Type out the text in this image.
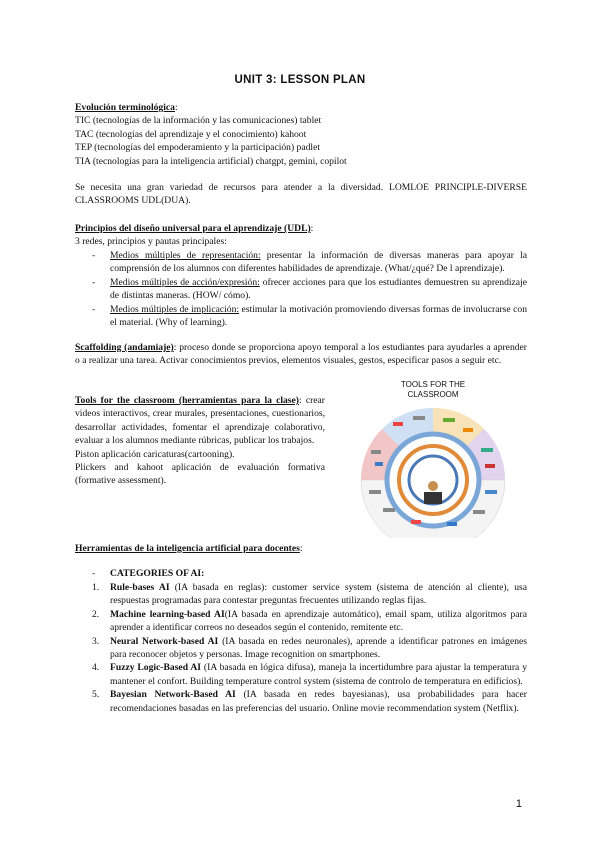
UNIT 3: LESSON PLAN
Evolución terminológica:
TIC (tecnologías de la información y las comunicaciones) tablet
TAC (tecnologías del aprendizaje y el conocimiento) kahoot
TEP (tecnologías del empoderamiento y la participación) padlet
TIA (tecnologías para la inteligencia artificial) chatgpt, gemini, copilot
Se necesita una gran variedad de recursos para atender a la diversidad. LOMLOE PRINCIPLE-DIVERSE CLASSROOMS UDL(DUA).
Principios del diseño universal para el aprendizaje (UDL):
3 redes, principios y pautas principales:
-	Medios múltiples de representación: presentar la información de diversas maneras para apoyar la comprensión de los alumnos con diferentes habilidades de aprendizaje. (What/¿qué? De l aprendizaje).
-	Medios múltiples de acción/expresión: ofrecer acciones para que los estudiantes demuestren su aprendizaje de distintas maneras. (HOW/ cómo).
-	Medios múltiples de implicación: estimular la motivación promoviendo diversas formas de involucrarse con el material. (Why of learning).
Scaffolding (andamiaje): proceso donde se proporciona apoyo temporal a los estudiantes para ayudarles a aprender o a realizar una tarea. Activar conocimientos previos, elementos visuales, gestos, especificar pasos a seguir etc.
Tools for the classroom (herramientas para la clase): crear videos interactivos, crear murales, presentaciones, cuestionarios, desarrollar actividades, fomentar el aprendizaje colaborativo, evaluar a los alumnos mediante rúbricas, publicar los trabajos.
Piston aplicación caricaturas(cartooning).
Plickers and kahoot aplicación de evaluación formativa (formative assessment).
TOOLS FOR THE
CLASSROOM
Herramientas de la inteligencia artificial para docentes:
-	CATEGORIES OF AI:
1.	Rule-bases AI (IA basada en reglas): customer service system (sistema de atención al cliente), usa respuestas programadas para contestar preguntas frecuentes utilizando reglas fijas.
2.	Machine learning-based AI(IA basada en aprendizaje automático), email spam, utiliza algoritmos para aprender a identificar correos no deseados según el contenido, remitente etc.
3.	Neural Network-based AI (IA basada en redes neuronales), aprende a identificar patrones en imágenes para reconocer objetos y personas. Image recognition on smartphones.
4.	Fuzzy Logic-Based AI (IA basada en lógica difusa), maneja la incertidumbre para ajustar la temperatura y mantener el confort. Building temperature control system (sistema de controlo de temperatura en edificios).
5.	Bayesian Network-Based AI (IA basada en redes bayesianas), usa probabilidades para hacer recomendaciones basadas en las preferencias del usuario. Online movie recommendation system (Netflix).
1
